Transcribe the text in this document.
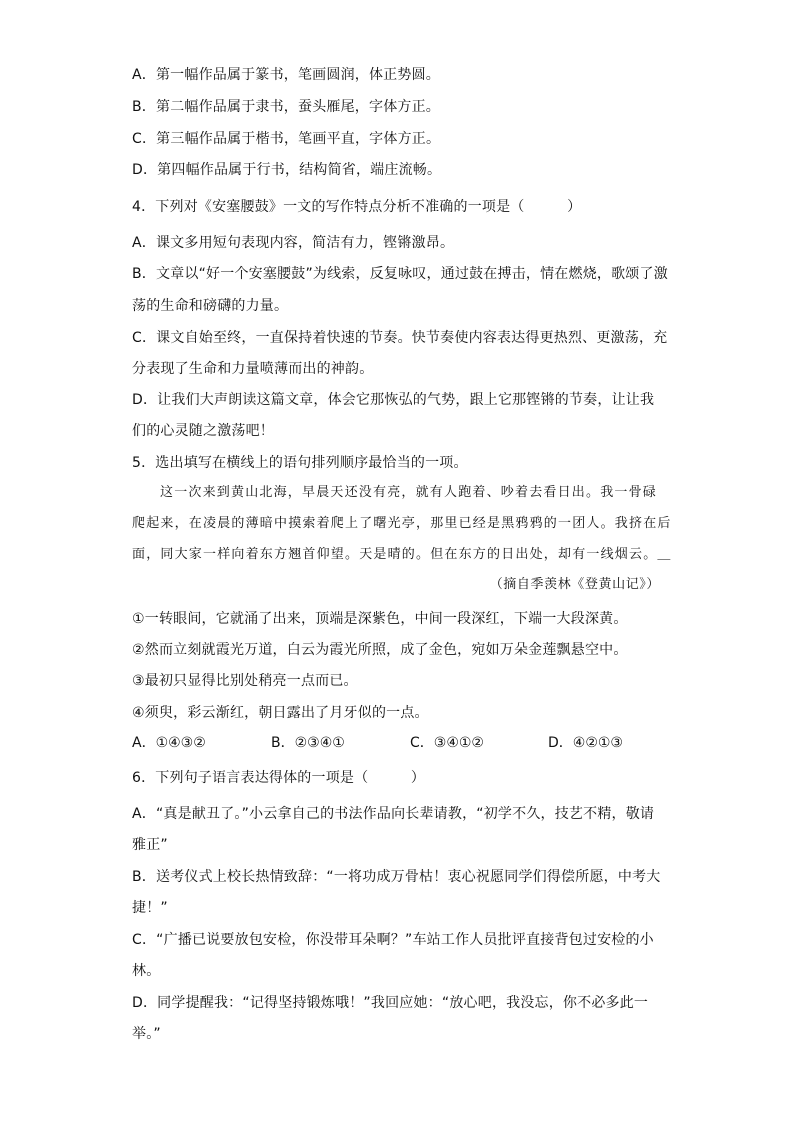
A．第一幅作品属于篆书，笔画圆润，体正势圆。
B．第二幅作品属于隶书，蚕头雁尾，字体方正。
C．第三幅作品属于楷书，笔画平直，字体方正。
D．第四幅作品属于行书，结构简省，端庄流畅。
4．下列对《安塞腰鼓》一文的写作特点分析不准确的一项是（　　　）
A．课文多用短句表现内容，简洁有力，铿锵激昂。
B．文章以“好一个安塞腰鼓”为线索，反复咏叹，通过鼓在搏击，情在燃烧，歌颂了激
荡的生命和磅礴的力量。
C．课文自始至终，一直保持着快速的节奏。快节奏使内容表达得更热烈、更激荡，充
分表现了生命和力量喷薄而出的神韵。
D．让我们大声朗读这篇文章，体会它那恢弘的气势，跟上它那铿锵的节奏，让让我
们的心灵随之激荡吧！
5．选出填写在横线上的语句排列顺序最恰当的一项。
这一次来到黄山北海，早晨天还没有亮，就有人跑着、吵着去看日出。我一骨碌
爬起来，在凌晨的薄暗中摸索着爬上了曙光亭，那里已经是黑鸦鸦的一团人。我挤在后
面，同大家一样向着东方翘首仰望。天是晴的。但在东方的日出处，却有一线烟云。＿
（摘自季羡林《登黄山记》）
①一转眼间，它就涌了出来，顶端是深紫色，中间一段深红，下端一大段深黄。
②然而立刻就霞光万道，白云为霞光所照，成了金色，宛如万朵金莲飘悬空中。
③最初只显得比别处稍亮一点而已。
④须臾，彩云渐红，朝日露出了月牙似的一点。
A．①④③②	B．②③④①	C．③④①②	D．④②①③
6．下列句子语言表达得体的一项是（　　　）
A．“真是献丑了。”小云拿自己的书法作品向长辈请教，“初学不久，技艺不精，敬请
雅正”
B．送考仪式上校长热情致辞：“一将功成万骨枯！衷心祝愿同学们得偿所愿，中考大
捷！”
C．“广播已说要放包安检，你没带耳朵啊？”车站工作人员批评直接背包过安检的小
林。
D．同学提醒我：“记得坚持锻炼哦！”我回应她：“放心吧，我没忘，你不必多此一
举。”
